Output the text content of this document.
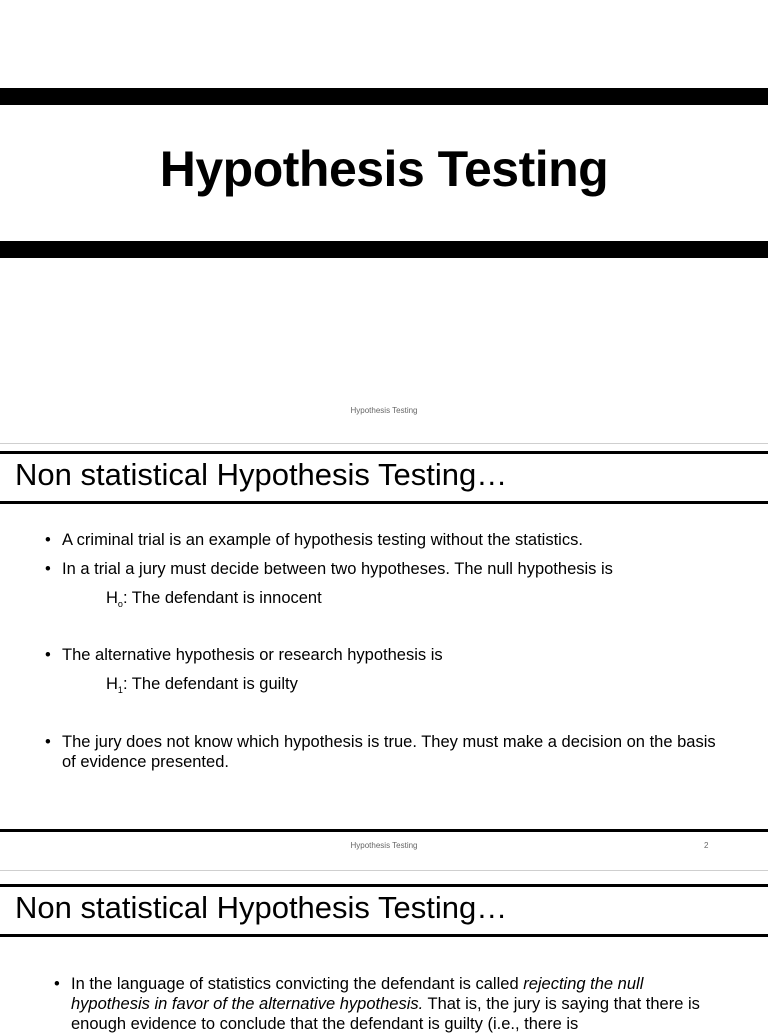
Hypothesis Testing
Hypothesis Testing
Non statistical Hypothesis Testing…
• A criminal trial is an example of hypothesis testing without the statistics.
• In a trial a jury must decide between two hypotheses. The null hypothesis is
$H_o$: The defendant is innocent
• The alternative hypothesis or research hypothesis is
$H_1$: The defendant is guilty
• The jury does not know which hypothesis is true. They must make a decision on the basis of evidence presented.
Hypothesis Testing	2
Non statistical Hypothesis Testing…
• In the language of statistics convicting the defendant is called rejecting the null hypothesis in favor of the alternative hypothesis. That is, the jury is saying that there is enough evidence to conclude that the defendant is guilty (i.e., there is
